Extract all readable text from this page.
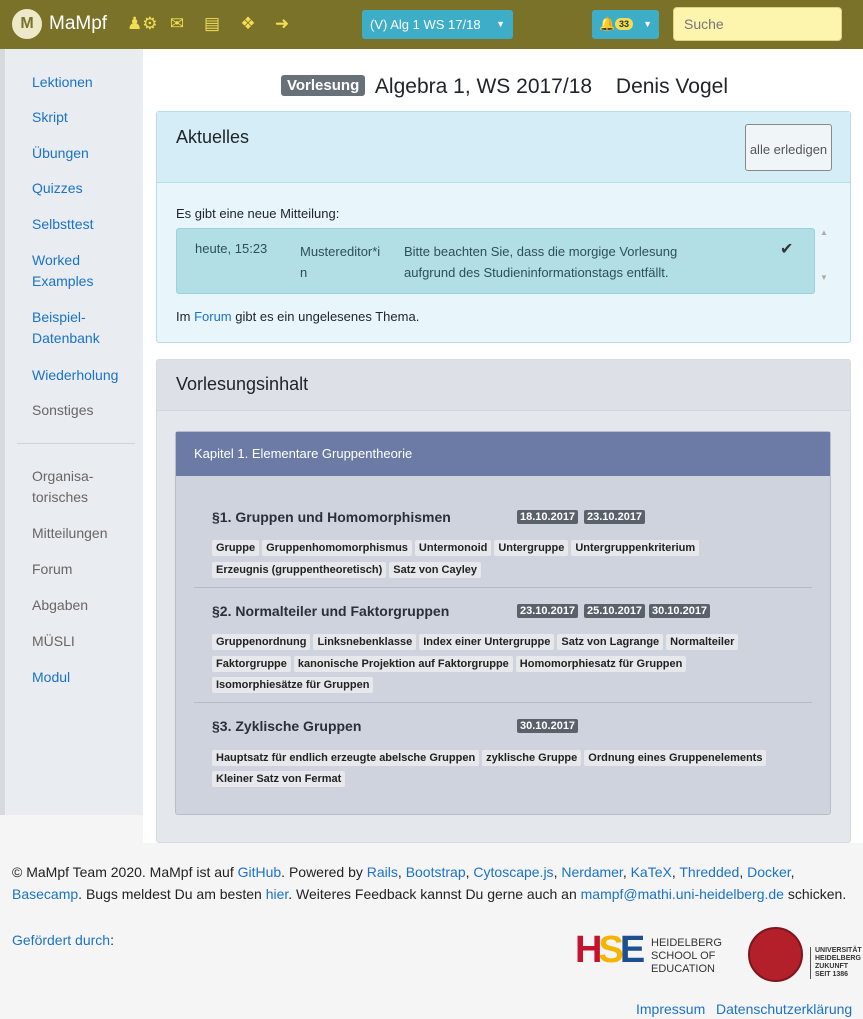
M MaMpf ♟⚙ ✉ ▤ ❖ ➜	(V) Alg 1 WS 17/18 ▼	🔔 33	▼
Suche
Lektionen
Skript
Übungen
Quizzes
Selbsttest
Worked Examples
Beispiel-Datenbank
Wiederholung
Sonstiges
Organisa-torisches
Mitteilungen
Forum
Abgaben
MÜSLI
Modul
Vorlesung Algebra 1, WS 2017/18 Denis Vogel
Aktuelles
alle erledigen
Es gibt eine neue Mitteilung:
heute, 15:23	Mustereditor*in
Bitte beachten Sie, dass die morgige Vorlesung aufgrund des Studieninformationstags entfällt.
✔
▲

▼
Im Forum gibt es ein ungelesenes Thema.
Vorlesungsinhalt
Kapitel 1. Elementare Gruppentheorie
§1. Gruppen und Homomorphismen	18.10.2017 23.10.2017
Gruppe Gruppenhomomorphismus Untermonoid Untergruppe Untergruppenkriterium
Erzeugnis (gruppentheoretisch) Satz von Cayley
§2. Normalteiler und Faktorgruppen	23.10.2017 25.10.2017 30.10.2017
Gruppenordnung Linksnebenklasse Index einer Untergruppe Satz von Lagrange Normalteiler
Faktorgruppe kanonische Projektion auf Faktorgruppe Homomorphiesatz für Gruppen
Isomorphiesätze für Gruppen
§3. Zyklische Gruppen	30.10.2017
Hauptsatz für endlich erzeugte abelsche Gruppen zyklische Gruppe Ordnung eines Gruppenelements
Kleiner Satz von Fermat
© MaMpf Team 2020. MaMpf ist auf GitHub. Powered by Rails, Bootstrap, Cytoscape.js, Nerdamer, KaTeX, Thredded, Docker, Basecamp. Bugs meldest Du am besten hier. Weiteres Feedback kannst Du gerne auch an mampf@mathi.uni-heidelberg.de schicken.
Gefördert durch:	HSE HEIDELBERG SCHOOL OF EDUCATION
UNIVERSITÄT HEIDELBERG ZUKUNFT SEIT 1386
Impressum Datenschutzerklärung
